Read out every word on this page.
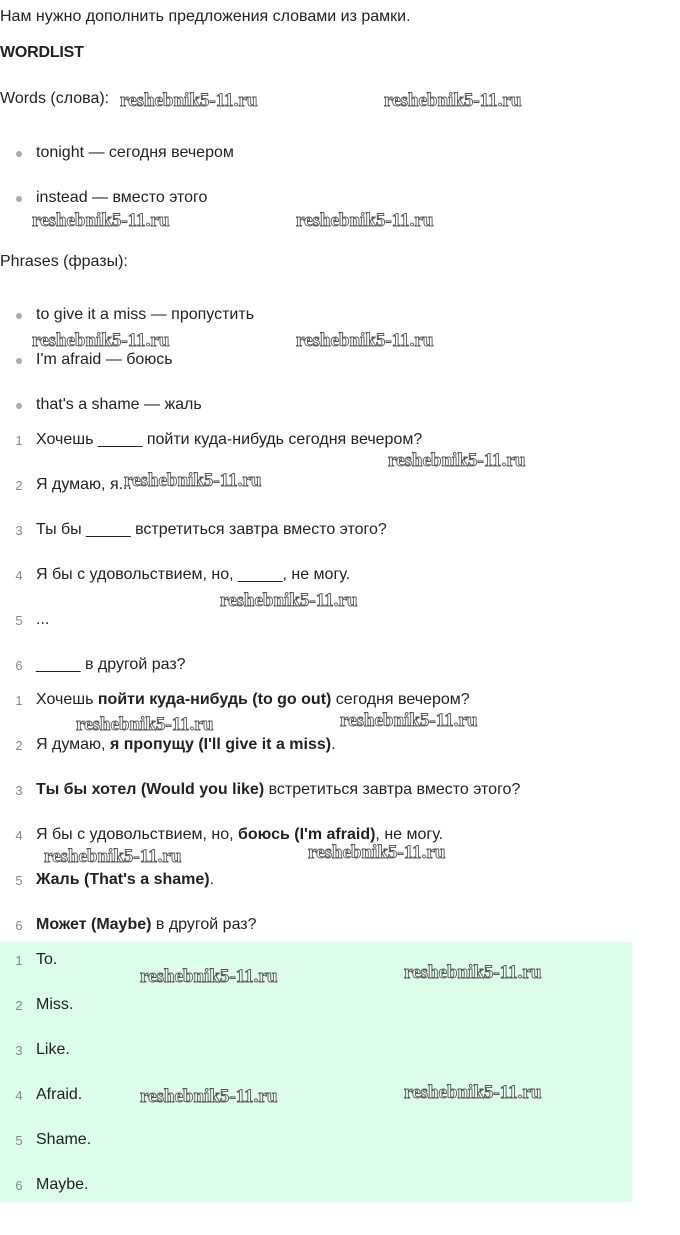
Нам нужно дополнить предложения словами из рамки.
WORDLIST
Words (слова):
tonight — сегодня вечером
instead — вместо этого
Phrases (фразы):
to give it a miss — пропустить
I'm afraid — боюсь
that's a shame — жаль
1 Хочешь _____ пойти куда-нибудь сегодня вечером?
2 Я думаю, я...
3 Ты бы _____ встретиться завтра вместо этого?
4 Я бы с удовольствием, но, _____, не могу.
5 ...
6 _____ в другой раз?
1 Хочешь пойти куда-нибудь (to go out) сегодня вечером?
2 Я думаю, я пропущу (I'll give it a miss).
3 Ты бы хотел (Would you like) встретиться завтра вместо этого?
4 Я бы с удовольствием, но, боюсь (I'm afraid), не могу.
5 Жаль (That's a shame).
6 Может (Maybe) в другой раз?
1 To.
2 Miss.
3 Like.
4 Afraid.
5 Shame.
6 Maybe.
reshebnik5-11.ru	reshebnik5-11.ru
reshebnik5-11.ru	reshebnik5-11.ru
reshebnik5-11.ru	reshebnik5-11.ru
reshebnik5-11.ru
reshebnik5-11.ru
reshebnik5-11.ru
reshebnik5-11.ru	reshebnik5-11.ru
reshebnik5-11.ru	reshebnik5-11.ru
reshebnik5-11.ru	reshebnik5-11.ru
reshebnik5-11.ru	reshebnik5-11.ru
